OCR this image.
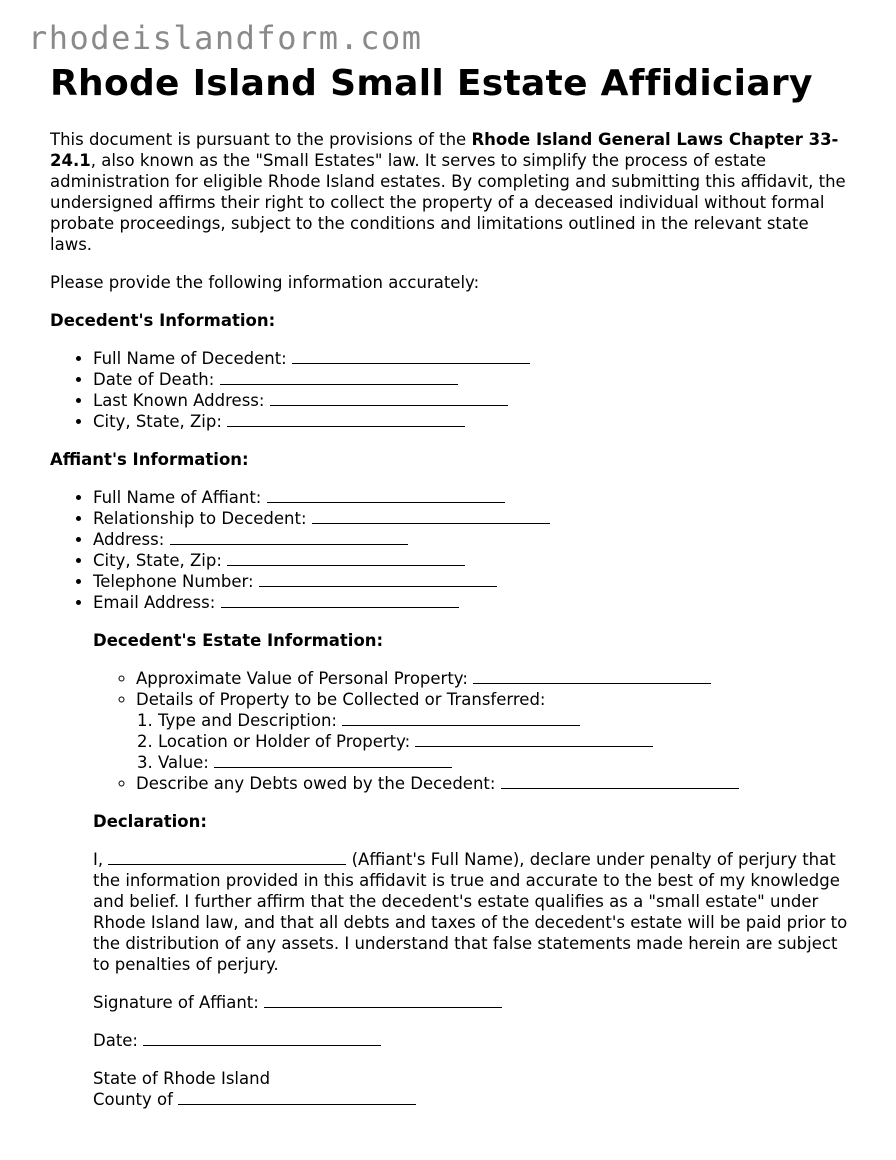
rhodeislandform.com
Rhode Island Small Estate Affidiciary

This document is pursuant to the provisions of the Rhode Island General Laws Chapter 33-24.1, also known as the "Small Estates" law. It serves to simplify the process of estate administration for eligible Rhode Island estates. By completing and submitting this affidavit, the undersigned affirms their right to collect the property of a deceased individual without formal probate proceedings, subject to the conditions and limitations outlined in the relevant state laws.

Please provide the following information accurately:

Decedent's Information:
• Full Name of Decedent:
• Date of Death:
• Last Known Address:
• City, State, Zip:
Affiant's Information:
• Full Name of Affiant:
• Relationship to Decedent:
• Address:
• City, State, Zip:
• Telephone Number:
• Email Address:
Decedent's Estate Information:
◦ Approximate Value of Personal Property:
◦ Details of Property to be Collected or Transferred:
1. Type and Description:
2. Location or Holder of Property:
3. Value:
◦ Describe any Debts owed by the Decedent:
Declaration:

I,	(Affiant's Full Name), declare under penalty of perjury that the information provided in this affidavit is true and accurate to the best of my knowledge and belief. I further affirm that the decedent's estate qualifies as a "small estate" under Rhode Island law, and that all debts and taxes of the decedent's estate will be paid prior to the distribution of any assets. I understand that false statements made herein are subject to penalties of perjury.

Signature of Affiant:

Date:

State of Rhode Island

County of
